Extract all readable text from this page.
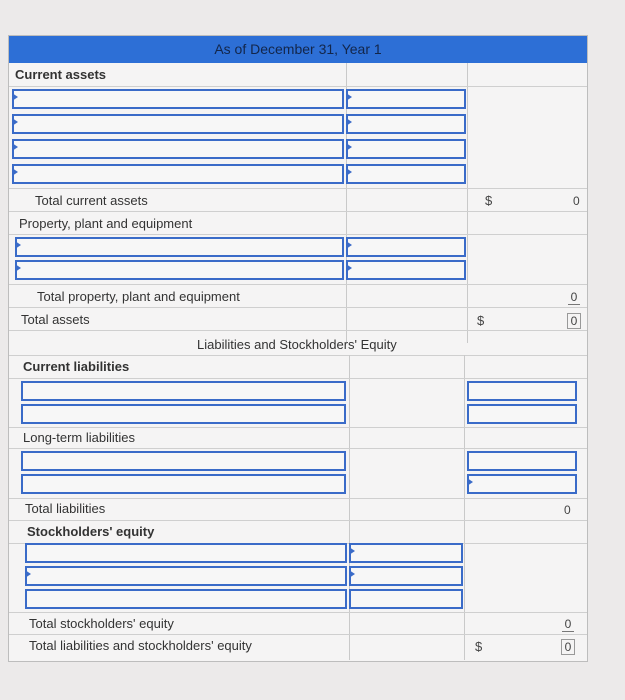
As of December 31, Year 1
Current assets
Total current assets	$	0
Property, plant and equipment
Total property, plant and equipment	0
Total assets	$	0
Liabilities and Stockholders' Equity
Current liabilities
Long-term liabilities
Total liabilities	0
Stockholders' equity
Total stockholders' equity	0
Total liabilities and stockholders' equity	$	0
